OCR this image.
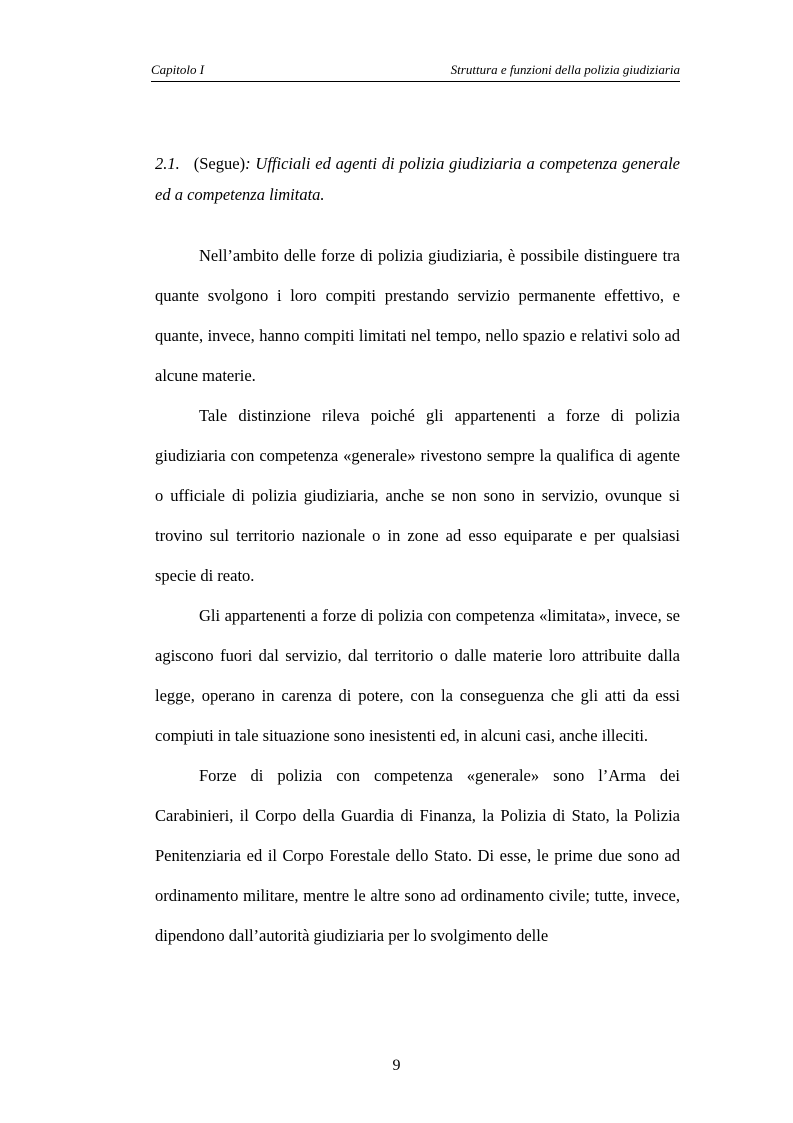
Capitolo I	Struttura e funzioni della polizia giudiziaria

2.1. (Segue): Ufficiali ed agenti di polizia giudiziaria a competenza generale ed a competenza limitata.

Nell’ambito delle forze di polizia giudiziaria, è possibile distinguere tra quante svolgono i loro compiti prestando servizio permanente effettivo, e quante, invece, hanno compiti limitati nel tempo, nello spazio e relativi solo ad alcune materie.

Tale distinzione rileva poiché gli appartenenti a forze di polizia giudiziaria con competenza «generale» rivestono sempre la qualifica di agente o ufficiale di polizia giudiziaria, anche se non sono in servizio, ovunque si trovino sul territorio nazionale o in zone ad esso equiparate e per qualsiasi specie di reato.

Gli appartenenti a forze di polizia con competenza «limitata», invece, se agiscono fuori dal servizio, dal territorio o dalle materie loro attribuite dalla legge, operano in carenza di potere, con la conseguenza che gli atti da essi compiuti in tale situazione sono inesistenti ed, in alcuni casi, anche illeciti.

Forze di polizia con competenza «generale» sono l’Arma dei Carabinieri, il Corpo della Guardia di Finanza, la Polizia di Stato, la Polizia Penitenziaria ed il Corpo Forestale dello Stato. Di esse, le prime due sono ad ordinamento militare, mentre le altre sono ad ordinamento civile; tutte, invece, dipendono dall’autorità giudiziaria per lo svolgimento delle

9
